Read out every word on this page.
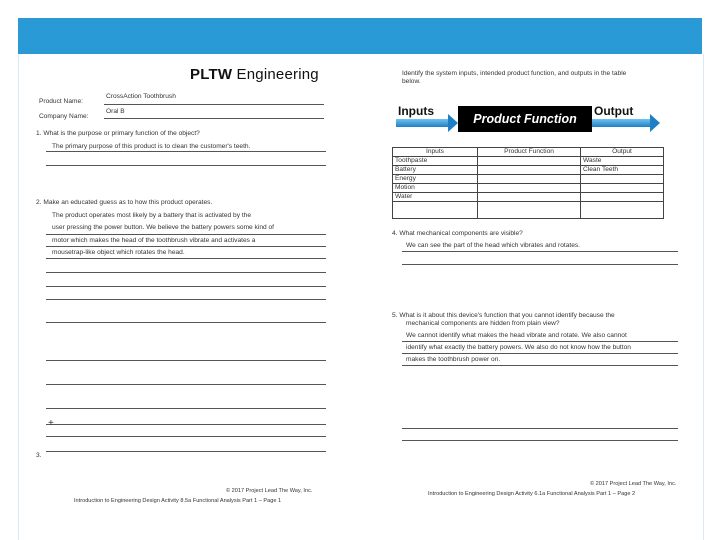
PLTW Engineering
Product Name:
CrossAction Toothbrush
Company Name:
Oral B
1. What is the purpose or primary function of the object?
The primary purpose of this product is to clean the customer's teeth.
2. Make an educated guess as to how this product operates.
The product operates most likely by a battery that is activated by the
user pressing the power button. We believe the battery powers some kind of
motor which makes the head of the toothbrush vibrate and activates a
mousetrap-like object which rotates the head.
+
3.
© 2017 Project Lead The Way, Inc.
Introduction to Engineering Design Activity 8.5a Functional Analysis Part 1 – Page 1
Identify the system inputs, intended product function, and outputs in the table
below.
Inputs
Product Function
Output
Inputs	Product Function	Output
Toothpaste		Waste
Battery		Clean Teeth
Energy		
Motion		
Water		

4. What mechanical components are visible?
We can see the part of the head which vibrates and rotates.
5. What is it about this device's function that you cannot identify because the
mechanical components are hidden from plain view?
We cannot identify what makes the head vibrate and rotate. We also cannot
identify what exactly the battery powers. We also do not know how the button
makes the toothbrush power on.
© 2017 Project Lead The Way, Inc.
Introduction to Engineering Design Activity 6.1a Functional Analysis Part 1 – Page 2
